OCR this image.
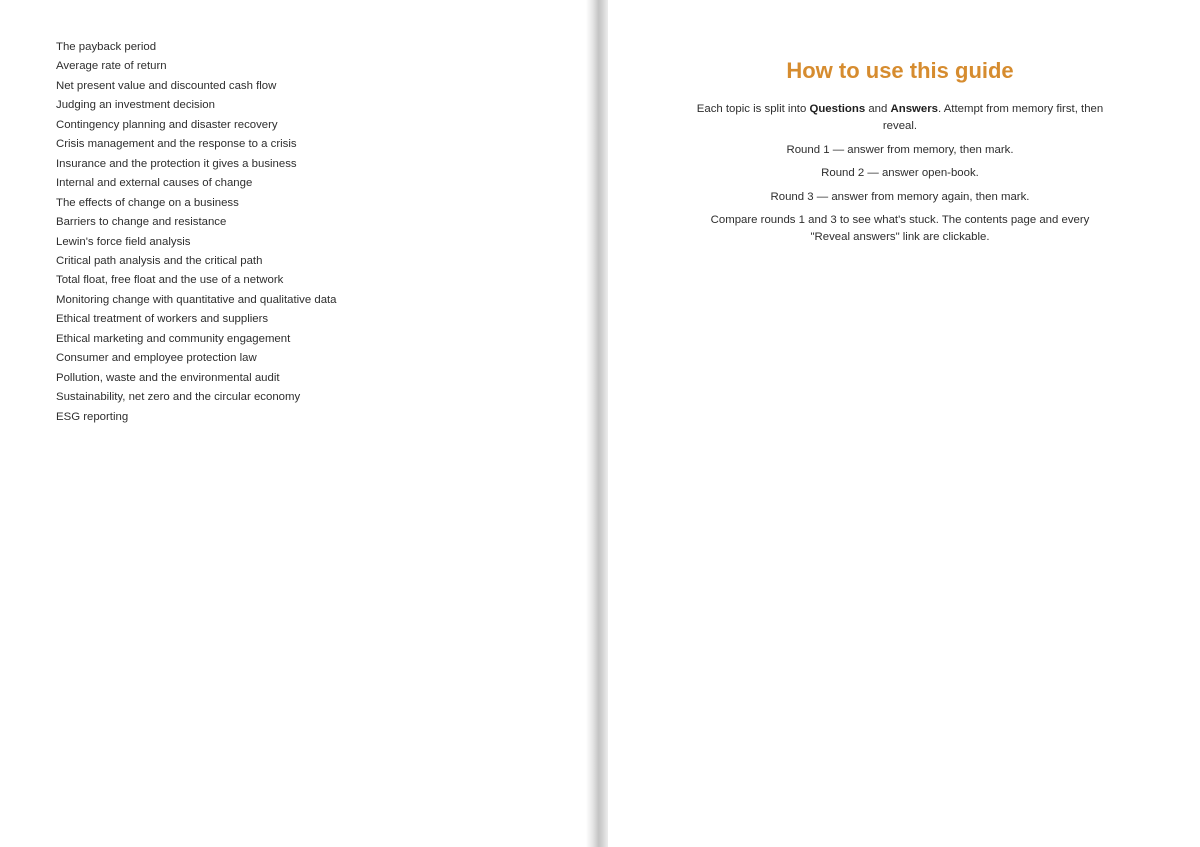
The payback period
Average rate of return
Net present value and discounted cash flow
Judging an investment decision
Contingency planning and disaster recovery
Crisis management and the response to a crisis
Insurance and the protection it gives a business
Internal and external causes of change
The effects of change on a business
Barriers to change and resistance
Lewin's force field analysis
Critical path analysis and the critical path
Total float, free float and the use of a network
Monitoring change with quantitative and qualitative data
Ethical treatment of workers and suppliers
Ethical marketing and community engagement
Consumer and employee protection law
Pollution, waste and the environmental audit
Sustainability, net zero and the circular economy
ESG reporting
How to use this guide

Each topic is split into Questions and Answers. Attempt from memory first, then reveal.

Round 1 — answer from memory, then mark.

Round 2 — answer open-book.

Round 3 — answer from memory again, then mark.

Compare rounds 1 and 3 to see what's stuck. The contents page and every "Reveal answers" link are clickable.
